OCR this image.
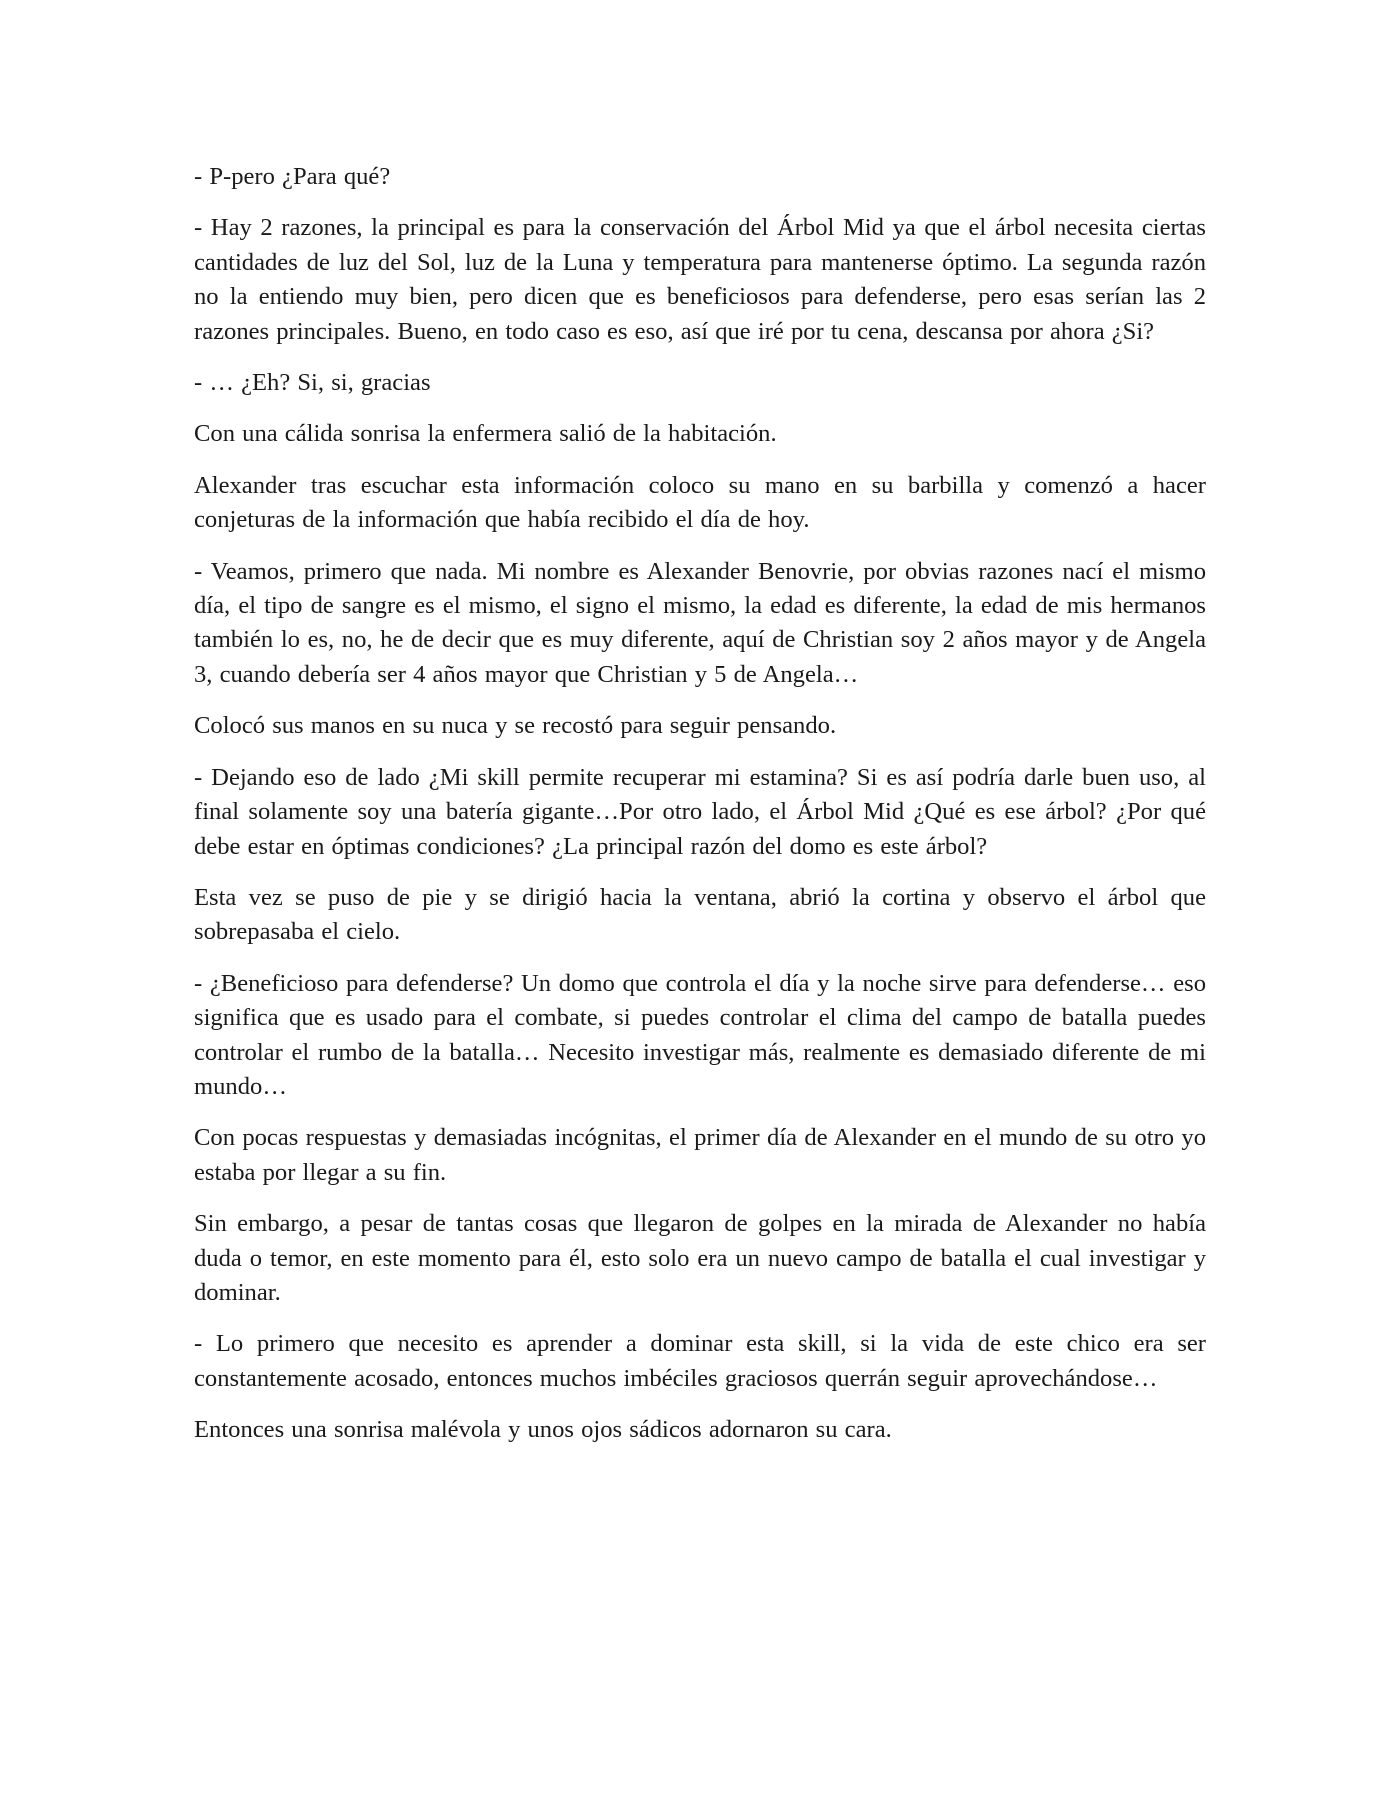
- P-pero ¿Para qué?

- Hay 2 razones, la principal es para la conservación del Árbol Mid ya que el árbol necesita ciertas cantidades de luz del Sol, luz de la Luna y temperatura para mantenerse óptimo. La segunda razón no la entiendo muy bien, pero dicen que es beneficiosos para defenderse, pero esas serían las 2 razones principales. Bueno, en todo caso es eso, así que iré por tu cena, descansa por ahora ¿Si?

- … ¿Eh? Si, si, gracias

Con una cálida sonrisa la enfermera salió de la habitación.

Alexander tras escuchar esta información coloco su mano en su barbilla y comenzó a hacer conjeturas de la información que había recibido el día de hoy.

- Veamos, primero que nada. Mi nombre es Alexander Benovrie, por obvias razones nací el mismo día, el tipo de sangre es el mismo, el signo el mismo, la edad es diferente, la edad de mis hermanos también lo es, no, he de decir que es muy diferente, aquí de Christian soy 2 años mayor y de Angela 3, cuando debería ser 4 años mayor que Christian y 5 de Angela…

Colocó sus manos en su nuca y se recostó para seguir pensando.

- Dejando eso de lado ¿Mi skill permite recuperar mi estamina? Si es así podría darle buen uso, al final solamente soy una batería gigante…Por otro lado, el Árbol Mid ¿Qué es ese árbol? ¿Por qué debe estar en óptimas condiciones? ¿La principal razón del domo es este árbol?

Esta vez se puso de pie y se dirigió hacia la ventana, abrió la cortina y observo el árbol que sobrepasaba el cielo.

- ¿Beneficioso para defenderse? Un domo que controla el día y la noche sirve para defenderse… eso significa que es usado para el combate, si puedes controlar el clima del campo de batalla puedes controlar el rumbo de la batalla… Necesito investigar más, realmente es demasiado diferente de mi mundo…

Con pocas respuestas y demasiadas incógnitas, el primer día de Alexander en el mundo de su otro yo estaba por llegar a su fin.

Sin embargo, a pesar de tantas cosas que llegaron de golpes en la mirada de Alexander no había duda o temor, en este momento para él, esto solo era un nuevo campo de batalla el cual investigar y dominar.

- Lo primero que necesito es aprender a dominar esta skill, si la vida de este chico era ser constantemente acosado, entonces muchos imbéciles graciosos querrán seguir aprovechándose…

Entonces una sonrisa malévola y unos ojos sádicos adornaron su cara.
